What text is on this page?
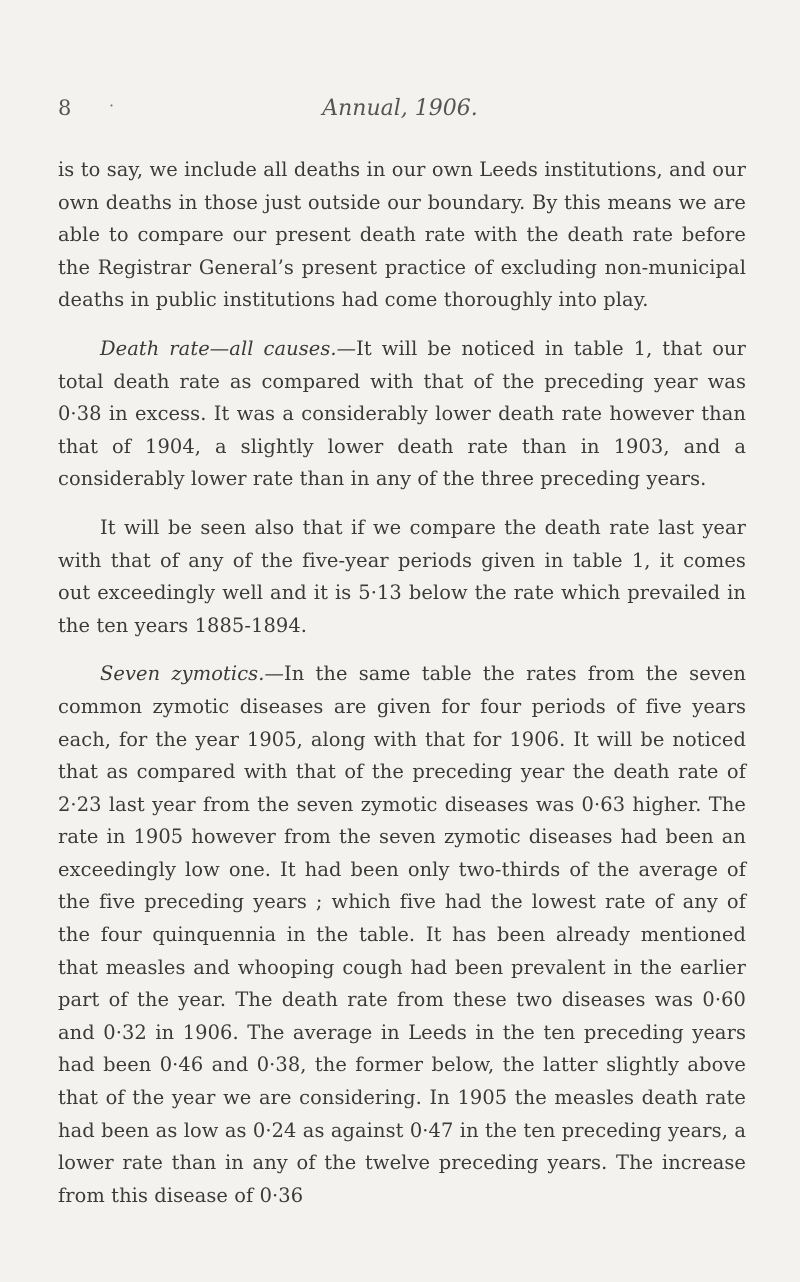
8 ·	Annual, 1906.

is to say, we include all deaths in our own Leeds institutions, and our own deaths in those just outside our boundary. By this means we are able to compare our present death rate with the death rate before the Registrar General’s present practice of excluding non-municipal deaths in public institutions had come thoroughly into play.

Death rate—all causes.—It will be noticed in table 1, that our total death rate as compared with that of the preceding year was 0·38 in excess. It was a considerably lower death rate however than that of 1904, a slightly lower death rate than in 1903, and a considerably lower rate than in any of the three preceding years.

It will be seen also that if we compare the death rate last year with that of any of the five-year periods given in table 1, it comes out exceedingly well and it is 5·13 below the rate which prevailed in the ten years 1885-1894.

Seven zymotics.—In the same table the rates from the seven common zymotic diseases are given for four periods of five years each, for the year 1905, along with that for 1906. It will be noticed that as compared with that of the preceding year the death rate of 2·23 last year from the seven zymotic diseases was 0·63 higher. The rate in 1905 however from the seven zymotic diseases had been an exceedingly low one. It had been only two-thirds of the average of the five preceding years ; which five had the lowest rate of any of the four quinquennia in the table. It has been already mentioned that measles and whooping cough had been prevalent in the earlier part of the year. The death rate from these two diseases was 0·60 and 0·32 in 1906. The average in Leeds in the ten preceding years had been 0·46 and 0·38, the former below, the latter slightly above that of the year we are considering. In 1905 the measles death rate had been as low as 0·24 as against 0·47 in the ten preceding years, a lower rate than in any of the twelve preceding years. The increase from this disease of 0·36
